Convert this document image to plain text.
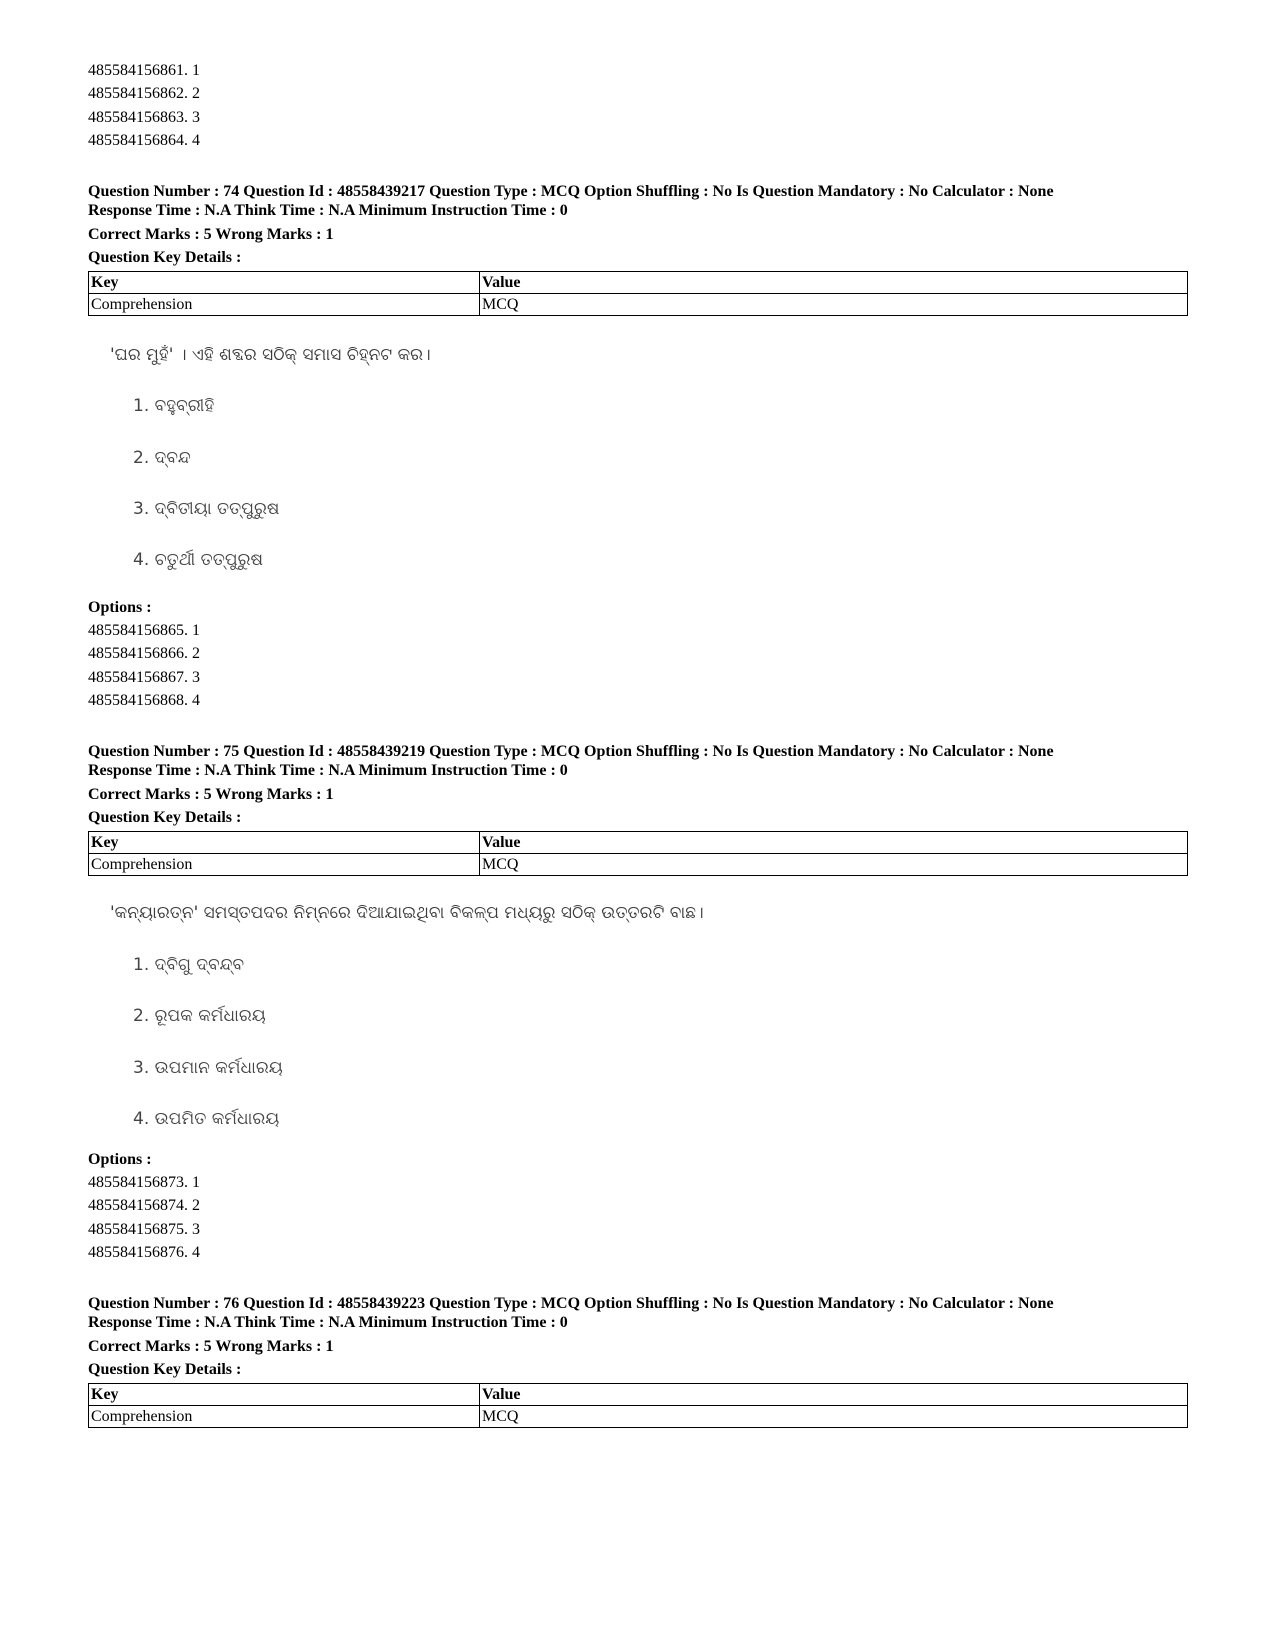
485584156861. 1
485584156862. 2
485584156863. 3
485584156864. 4
Question Number : 74 Question Id : 48558439217 Question Type : MCQ Option Shuffling : No Is Question Mandatory : No Calculator : None
Response Time : N.A Think Time : N.A Minimum Instruction Time : 0
Correct Marks : 5 Wrong Marks : 1
Question Key Details :
Key	Value
Comprehension	MCQ
'ଘର ମୁହଁ' । ଏହି ଶବ୍ଦର ସଠିକ୍ ସମାସ ଚିହ୍ନଟ କର।
1. ବହୁବ୍ରୀହି
2. ଦ୍ବନ୍ଦ
3. ଦ୍ବିତୀୟା ତତ୍ପୁରୁଷ
4. ଚତୁର୍ଥୀ ତତ୍ପୁରୁଷ
Options :
485584156865. 1
485584156866. 2
485584156867. 3
485584156868. 4
Question Number : 75 Question Id : 48558439219 Question Type : MCQ Option Shuffling : No Is Question Mandatory : No Calculator : None
Response Time : N.A Think Time : N.A Minimum Instruction Time : 0
Correct Marks : 5 Wrong Marks : 1
Question Key Details :
Key	Value
Comprehension	MCQ
'କନ୍ୟାରତ୍ନ' ସମସ୍ତପଦର ନିମ୍ନରେ ଦିଆଯାଇଥିବା ବିକଳ୍ପ ମଧ୍ୟରୁ ସଠିକ୍ ଉତ୍ତରଟି ବାଛ।
1. ଦ୍ବିଗୁ ଦ୍ବନ୍ଦ୍ବ
2. ରୂପକ କର୍ମଧାରୟ
3. ଉପମାନ କର୍ମଧାରୟ
4. ଉପମିତ କର୍ମଧାରୟ
Options :
485584156873. 1
485584156874. 2
485584156875. 3
485584156876. 4
Question Number : 76 Question Id : 48558439223 Question Type : MCQ Option Shuffling : No Is Question Mandatory : No Calculator : None
Response Time : N.A Think Time : N.A Minimum Instruction Time : 0
Correct Marks : 5 Wrong Marks : 1
Question Key Details :
Key	Value
Comprehension	MCQ
